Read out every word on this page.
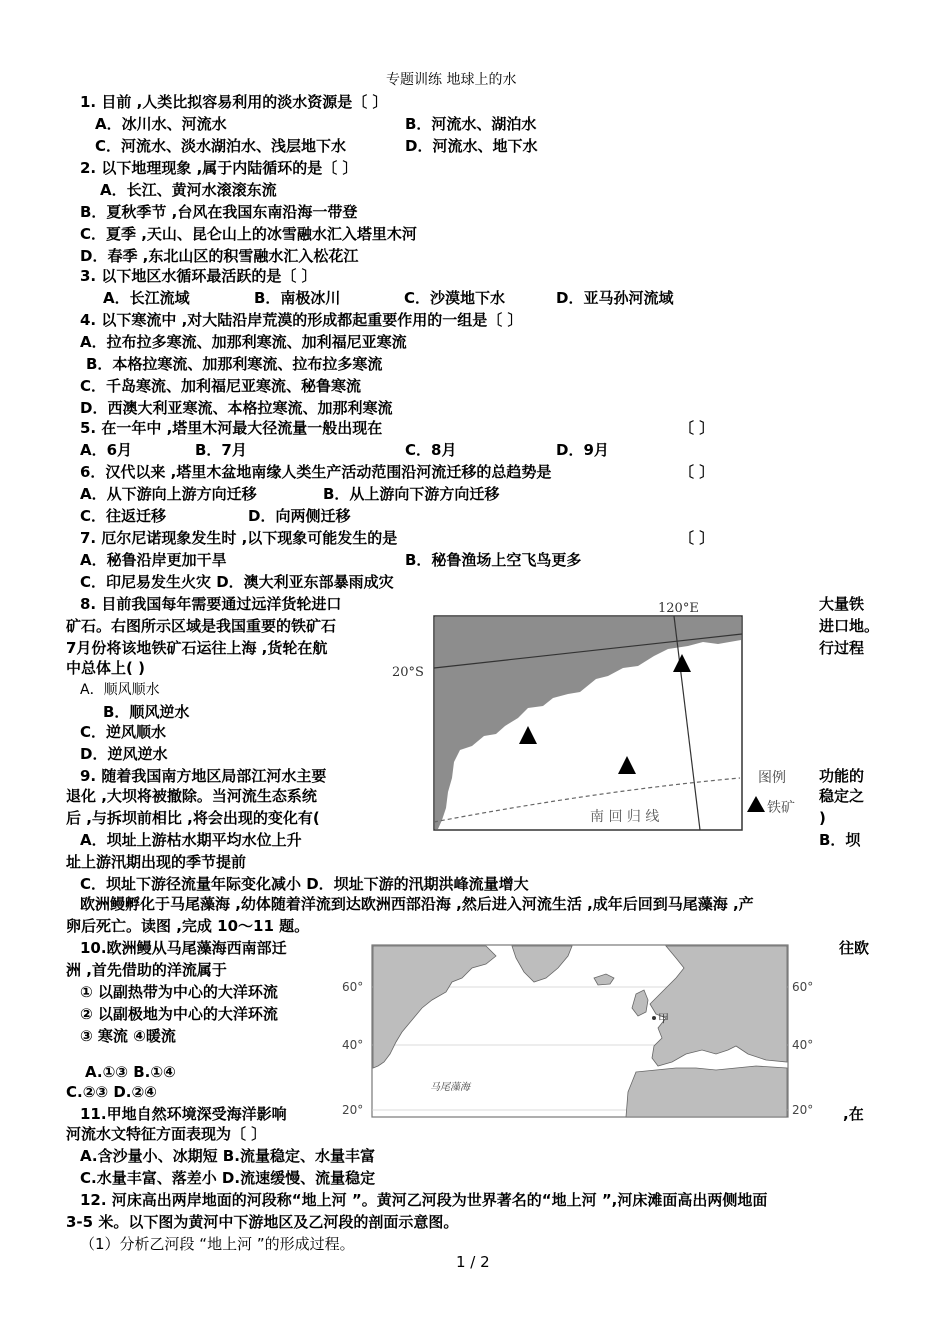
专题训练 地球上的水
1. 目前 ,人类比拟容易利用的淡水资源是〔 〕
A．冰川水、河流水	B．河流水、湖泊水
C．河流水、淡水湖泊水、浅层地下水	D．河流水、地下水
2. 以下地理现象 ,属于内陆循环的是〔 〕
A．长江、黄河水滚滚东流
B．夏秋季节 ,台风在我国东南沿海一带登
C．夏季 ,天山、昆仑山上的冰雪融水汇入塔里木河
D．春季 ,东北山区的积雪融水汇入松花江
3. 以下地区水循环最活跃的是〔 〕
A．长江流域	B．南极冰川	C．沙漠地下水	D．亚马孙河流域
4. 以下寒流中 ,对大陆沿岸荒漠的形成都起重要作用的一组是〔 〕
A．拉布拉多寒流、加那利寒流、加利福尼亚寒流
B．本格拉寒流、加那利寒流、拉布拉多寒流
C．千岛寒流、加利福尼亚寒流、秘鲁寒流
D．西澳大利亚寒流、本格拉寒流、加那利寒流
5. 在一年中 ,塔里木河最大径流量一般出现在	〔 〕
A．6月	B．7月	C．8月	D．9月
6．汉代以来 ,塔里木盆地南缘人类生产活动范围沿河流迁移的总趋势是	〔 〕
A．从下游向上游方向迁移	B．从上游向下游方向迁移
C．往返迁移	D．向两侧迁移
7. 厄尔尼诺现象发生时 ,以下现象可能发生的是	〔 〕
A．秘鲁沿岸更加干旱	B．秘鲁渔场上空飞鸟更多
C．印尼易发生火灾 D．澳大利亚东部暴雨成灾
8. 目前我国每年需要通过远洋货轮进口	大量铁
矿石。右图所示区域是我国重要的铁矿石	进口地。
7月份将该地铁矿石运往上海 ,货轮在航	行过程
中总体上( )
A．顺风顺水
B．顺风逆水
C．逆风顺水
D．逆风逆水
9. 随着我国南方地区局部江河水主要	功能的
退化 ,大坝将被撤除。当河流生态系统	稳定之
后 ,与拆坝前相比 ,将会出现的变化有(	)
A．坝址上游枯水期平均水位上升	B．坝
址上游汛期出现的季节提前
C．坝址下游径流量年际变化减小 D．坝址下游的汛期洪峰流量增大
欧洲鳗孵化于马尾藻海 ,幼体随着洋流到达欧洲西部沿海 ,然后进入河流生活 ,成年后回到马尾藻海 ,产
卵后死亡。读图 ,完成 10～11 题。
10.欧洲鳗从马尾藻海西南部迁	往欧
洲 ,首先借助的洋流属于
① 以副热带为中心的大洋环流
② 以副极地为中心的大洋环流
③ 寒流 ④暖流
A.①③ B.①④
C.②③ D.②④
11.甲地自然环境深受海洋影响	,在
河流水文特征方面表现为〔 〕
A.含沙量小、冰期短 B.流量稳定、水量丰富
C.水量丰富、落差小 D.流速缓慢、流量稳定
12. 河床高出两岸地面的河段称“地上河 ”。黄河乙河段为世界著名的“地上河 ”,河床滩面高出两侧地面
3-5 米。以下图为黄河中下游地区及乙河段的剖面示意图。
（1）分析乙河段 “地上河 ”的形成过程。
120°E
20°S
南 回 归 线
图例
铁矿
甲
马尾藻海
60°
40°
20°
60°
40°
20°
1 / 2
